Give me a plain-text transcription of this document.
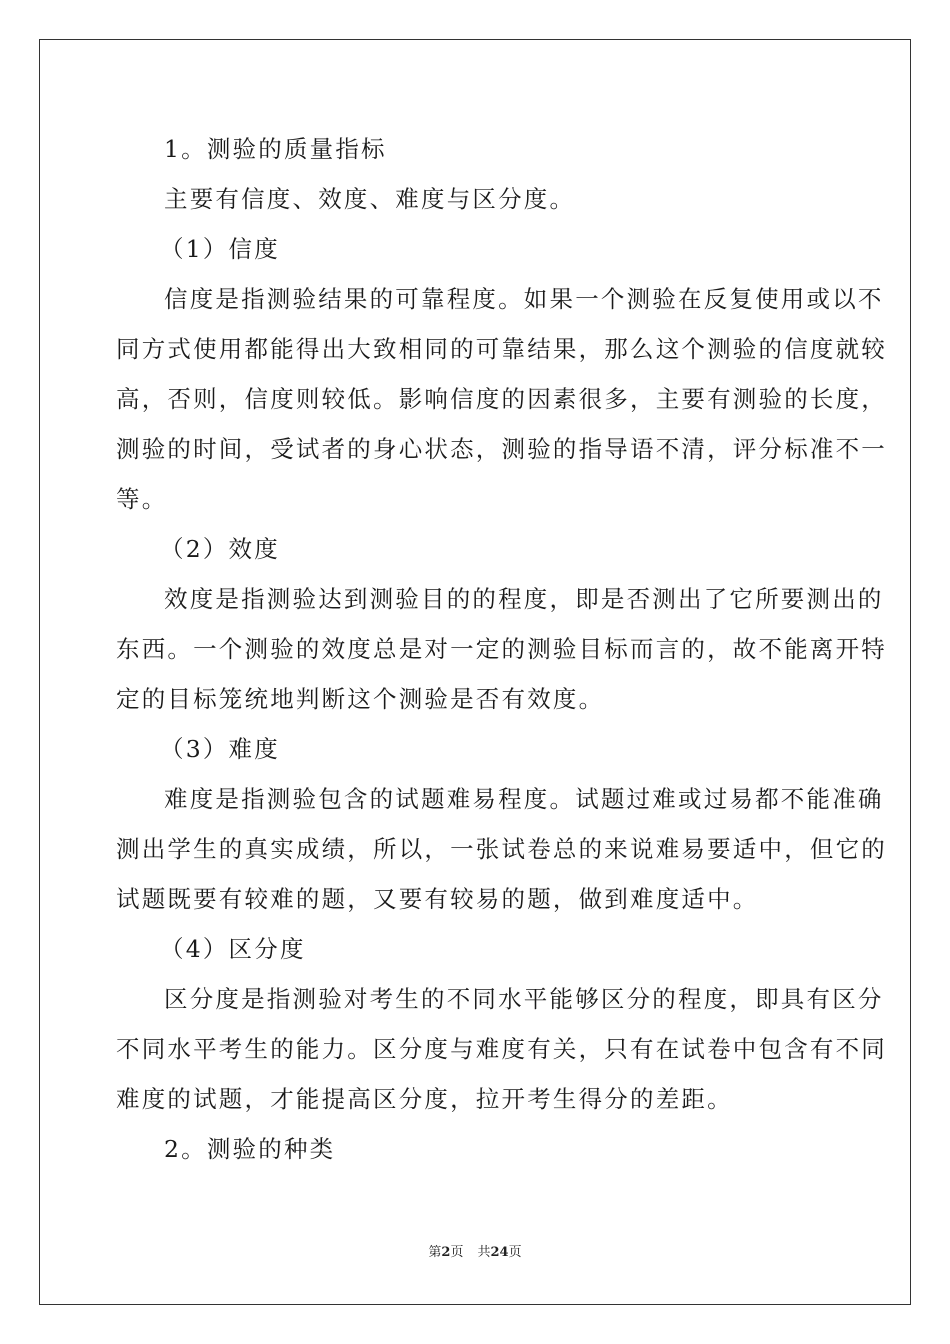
1。测验的质量指标
主要有信度、效度、难度与区分度。
（1）信度
信度是指测验结果的可靠程度。如果一个测验在反复使用或以不
同方式使用都能得出大致相同的可靠结果，那么这个测验的信度就较
高，否则，信度则较低。影响信度的因素很多，主要有测验的长度，
测验的时间，受试者的身心状态，测验的指导语不清，评分标准不一
等。
（2）效度
效度是指测验达到测验目的的程度，即是否测出了它所要测出的
东西。一个测验的效度总是对一定的测验目标而言的，故不能离开特
定的目标笼统地判断这个测验是否有效度。
（3）难度
难度是指测验包含的试题难易程度。试题过难或过易都不能准确
测出学生的真实成绩，所以，一张试卷总的来说难易要适中，但它的
试题既要有较难的题，又要有较易的题，做到难度适中。
（4）区分度
区分度是指测验对考生的不同水平能够区分的程度，即具有区分
不同水平考生的能力。区分度与难度有关，只有在试卷中包含有不同
难度的试题，才能提高区分度，拉开考生得分的差距。
2。测验的种类
第2页 共24页
